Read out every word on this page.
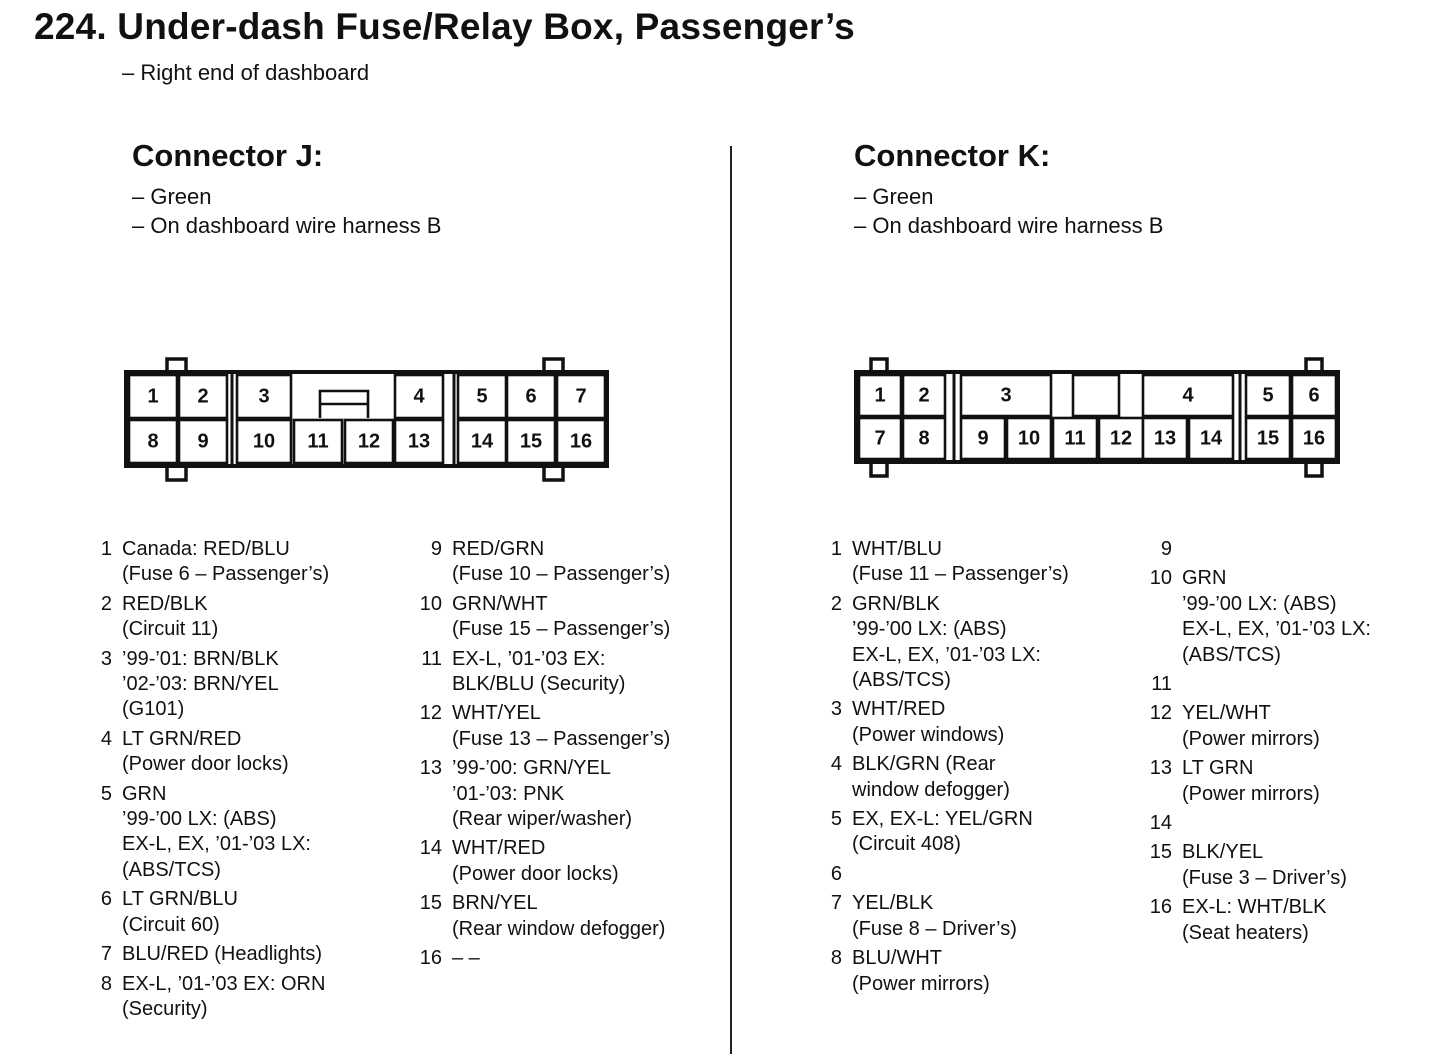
224. Under-dash Fuse/Relay Box, Passenger’s
– Right end of dashboard
Connector J:
– Green
– On dashboard wire harness B
1 2 3	4	5 6 7
8 9 10 11 12 13 14 15 16
1 Canada: RED/BLU
(Fuse 6 – Passenger’s)
2 RED/BLK
(Circuit 11)
3 ’99-’01: BRN/BLK
’02-’03: BRN/YEL
(G101)
4 LT GRN/RED
(Power door locks)
5 GRN
’99-’00 LX: (ABS)
EX-L, EX, ’01-’03 LX:
(ABS/TCS)
6 LT GRN/BLU
(Circuit 60)
7 BLU/RED (Headlights)
8 EX-L, ’01-’03 EX: ORN
(Security)
9 RED/GRN
(Fuse 10 – Passenger’s)
10 GRN/WHT
(Fuse 15 – Passenger’s)
11 EX-L, ’01-’03 EX:
BLK/BLU (Security)
12 WHT/YEL
(Fuse 13 – Passenger’s)
13 ’99-’00: GRN/YEL
’01-’03: PNK
(Rear wiper/washer)
14 WHT/RED
(Power door locks)
15 BRN/YEL
(Rear window defogger)
16 – –
Connector K:
– Green
– On dashboard wire harness B
1 2	3	4	5 6
7 8 9 10 11 12 13 14 15 16
1 WHT/BLU
(Fuse 11 – Passenger’s)
2 GRN/BLK
’99-’00 LX: (ABS)
EX-L, EX, ’01-’03 LX:
(ABS/TCS)
3 WHT/RED
(Power windows)
4 BLK/GRN (Rear
window defogger)
5 EX, EX-L: YEL/GRN
(Circuit 408)
6

7 YEL/BLK
(Fuse 8 – Driver’s)
8 BLU/WHT
(Power mirrors)
9

10 GRN
’99-’00 LX: (ABS)
EX-L, EX, ’01-’03 LX:
(ABS/TCS)
11

12 YEL/WHT
(Power mirrors)
13 LT GRN
(Power mirrors)
14

15 BLK/YEL
(Fuse 3 – Driver’s)
16 EX-L: WHT/BLK
(Seat heaters)
